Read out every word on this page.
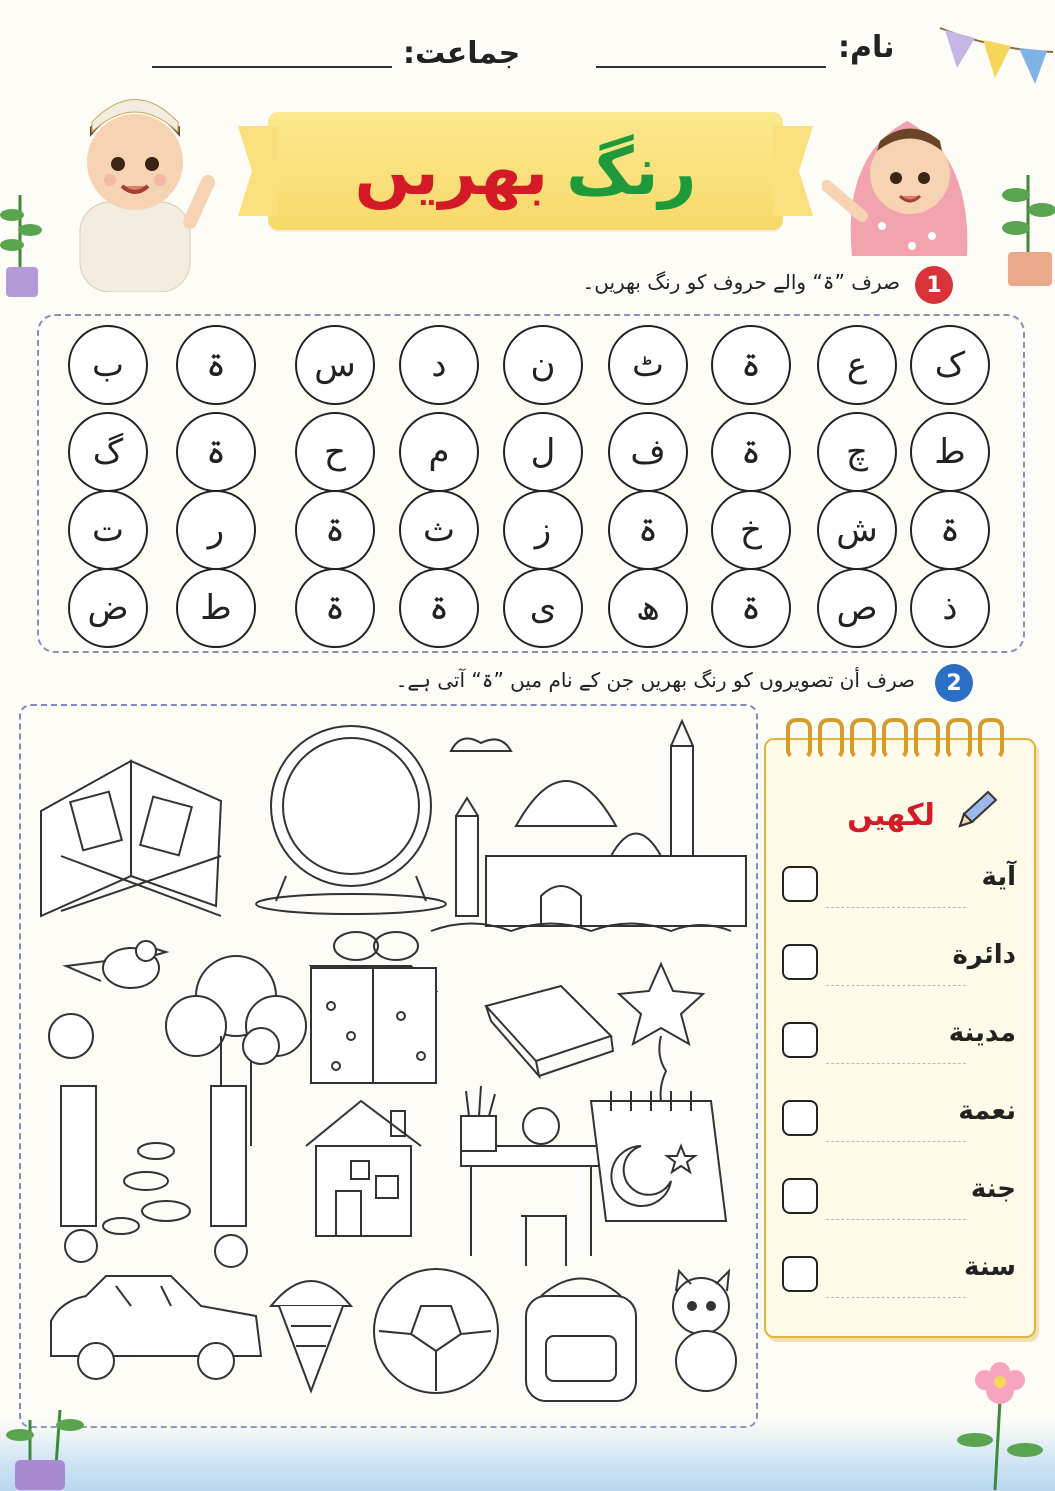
نام:
جماعت:
رنگ
بھریں
1
صرف ”ۃ“ والے حروف کو رنگ بھریں۔
ک
ع
ۃ
ٹ
ن
د
س
ۃ
ب
ط
چ
ۃ
ف
ل
م
ح
ۃ
گ
ۃ
ش
خ
ۃ
ز
ث
ۃ
ر
ت
ذ
ص
ۃ
ھ
ی
ۃ
ۃ
ط
ض
2
صرف أن تصویروں کو رنگ بھریں جن کے نام میں ”ۃ“ آتی ہے۔
لکھیں
آية
دائرة
مدينة
نعمة
جنة
سنة
